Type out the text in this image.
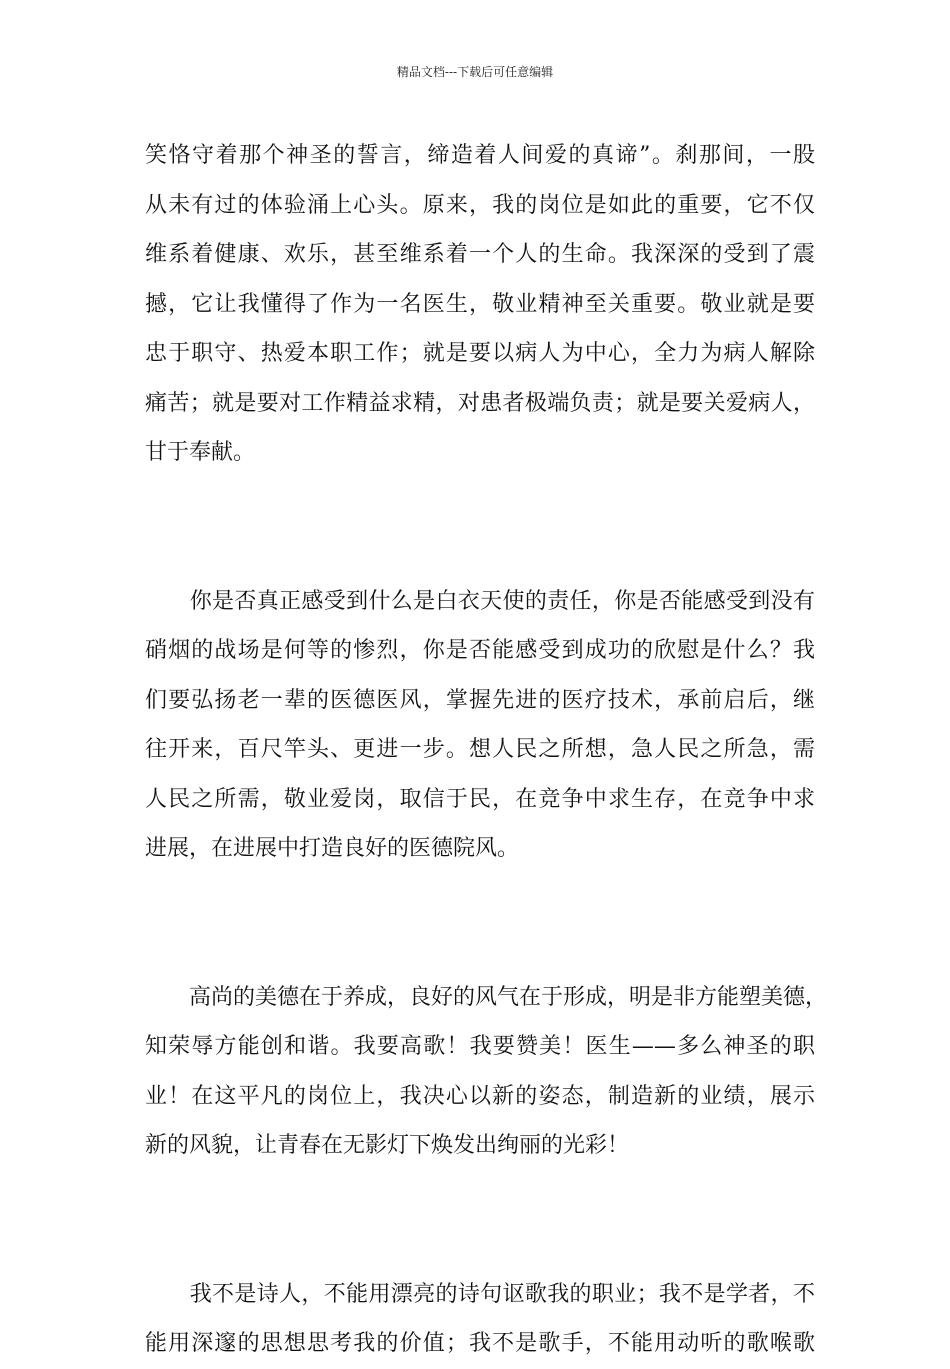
精品文档---下载后可任意编辑
笑恪守着那个神圣的誓言，缔造着人间爱的真谛”。刹那间，一股
从未有过的体验涌上心头。原来，我的岗位是如此的重要，它不仅
维系着健康、欢乐，甚至维系着一个人的生命。我深深的受到了震
撼，它让我懂得了作为一名医生，敬业精神至关重要。敬业就是要
忠于职守、热爱本职工作；就是要以病人为中心，全力为病人解除
痛苦；就是要对工作精益求精，对患者极端负责；就是要关爱病人，
甘于奉献。
　　你是否真正感受到什么是白衣天使的责任，你是否能感受到没有
硝烟的战场是何等的惨烈，你是否能感受到成功的欣慰是什么？我
们要弘扬老一辈的医德医风，掌握先进的医疗技术，承前启后，继
往开来，百尺竿头、更进一步。想人民之所想，急人民之所急，需
人民之所需，敬业爱岗，取信于民，在竞争中求生存，在竞争中求
进展，在进展中打造良好的医德院风。
　　高尚的美德在于养成，良好的风气在于形成，明是非方能塑美德，
知荣辱方能创和谐。我要高歌！我要赞美！医生——多么神圣的职
业！在这平凡的岗位上，我决心以新的姿态，制造新的业绩，展示
新的风貌，让青春在无影灯下焕发出绚丽的光彩！
　　我不是诗人，不能用漂亮的诗句讴歌我的职业；我不是学者，不
能用深邃的思想思考我的价值；我不是歌手，不能用动听的歌喉歌
